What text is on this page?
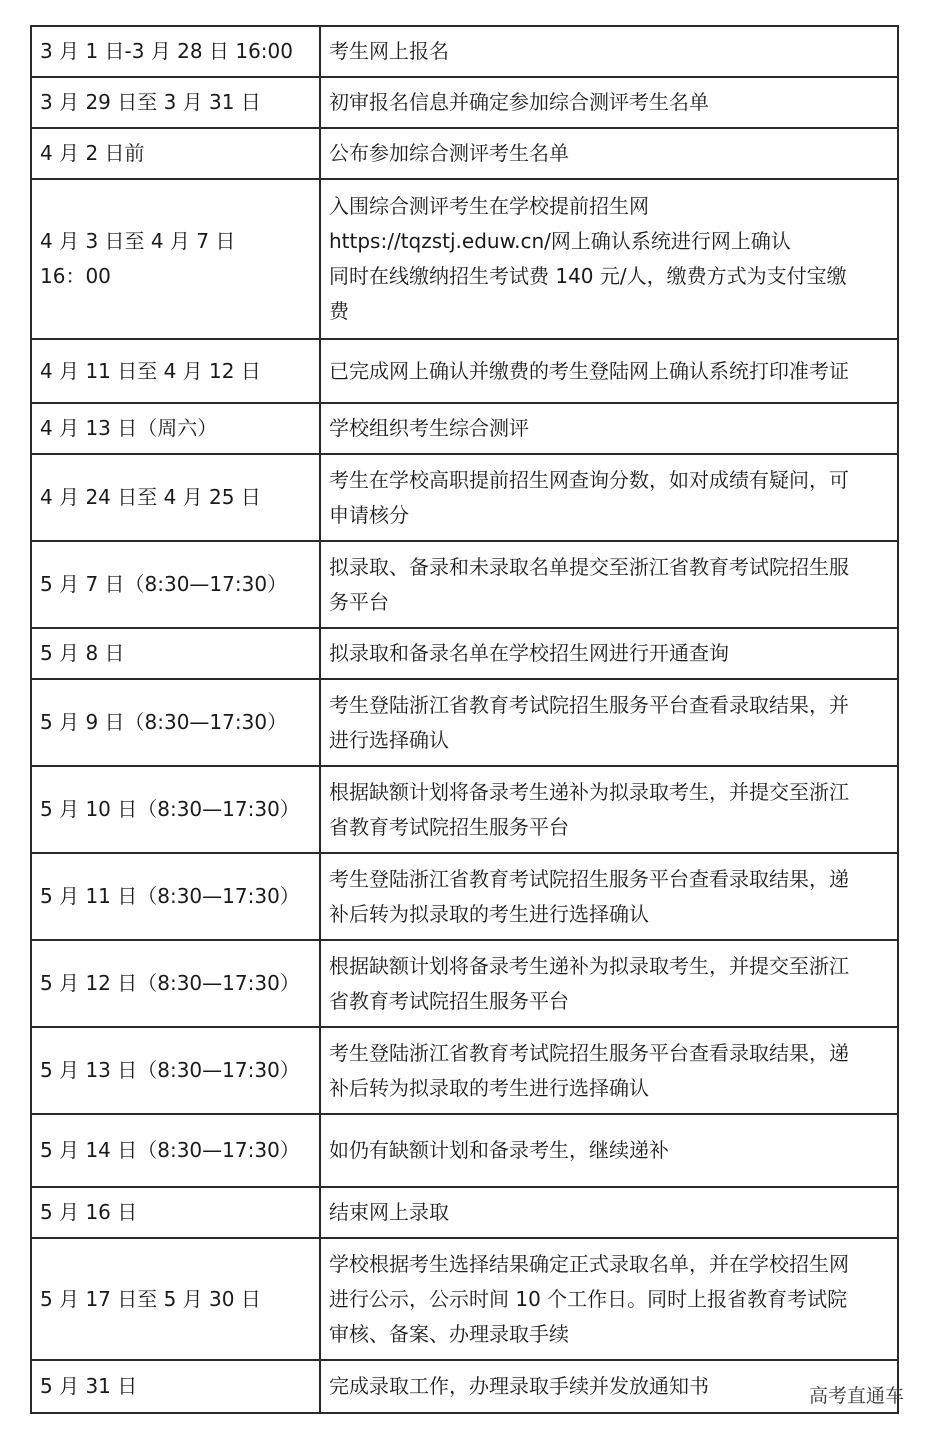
3 月 1 日-3 月 28 日 16:00	考生网上报名
3 月 29 日至 3 月 31 日	初审报名信息并确定参加综合测评考生名单
4 月 2 日前	公布参加综合测评考生名单
4 月 3 日至 4 月 7 日
16：00	入围综合测评考生在学校提前招生网
https://tqzstj.eduw.cn/网上确认系统进行网上确认
同时在线缴纳招生考试费 140 元/人，缴费方式为支付宝缴
费
4 月 11 日至 4 月 12 日	已完成网上确认并缴费的考生登陆网上确认系统打印准考证
4 月 13 日（周六）	学校组织考生综合测评
4 月 24 日至 4 月 25 日	考生在学校高职提前招生网查询分数，如对成绩有疑问，可
申请核分
5 月 7 日（8:30—17:30）	拟录取、备录和未录取名单提交至浙江省教育考试院招生服
务平台
5 月 8 日	拟录取和备录名单在学校招生网进行开通查询
5 月 9 日（8:30—17:30）	考生登陆浙江省教育考试院招生服务平台查看录取结果，并
进行选择确认
5 月 10 日（8:30—17:30）	根据缺额计划将备录考生递补为拟录取考生，并提交至浙江
省教育考试院招生服务平台
5 月 11 日（8:30—17:30）	考生登陆浙江省教育考试院招生服务平台查看录取结果，递
补后转为拟录取的考生进行选择确认
5 月 12 日（8:30—17:30）	根据缺额计划将备录考生递补为拟录取考生，并提交至浙江
省教育考试院招生服务平台
5 月 13 日（8:30—17:30）	考生登陆浙江省教育考试院招生服务平台查看录取结果，递
补后转为拟录取的考生进行选择确认
5 月 14 日（8:30—17:30）	如仍有缺额计划和备录考生，继续递补
5 月 16 日	结束网上录取
5 月 17 日至 5 月 30 日	学校根据考生选择结果确定正式录取名单，并在学校招生网
进行公示，公示时间 10 个工作日。同时上报省教育考试院
审核、备案、办理录取手续
5 月 31 日	完成录取工作，办理录取手续并发放通知书	高考直通车
